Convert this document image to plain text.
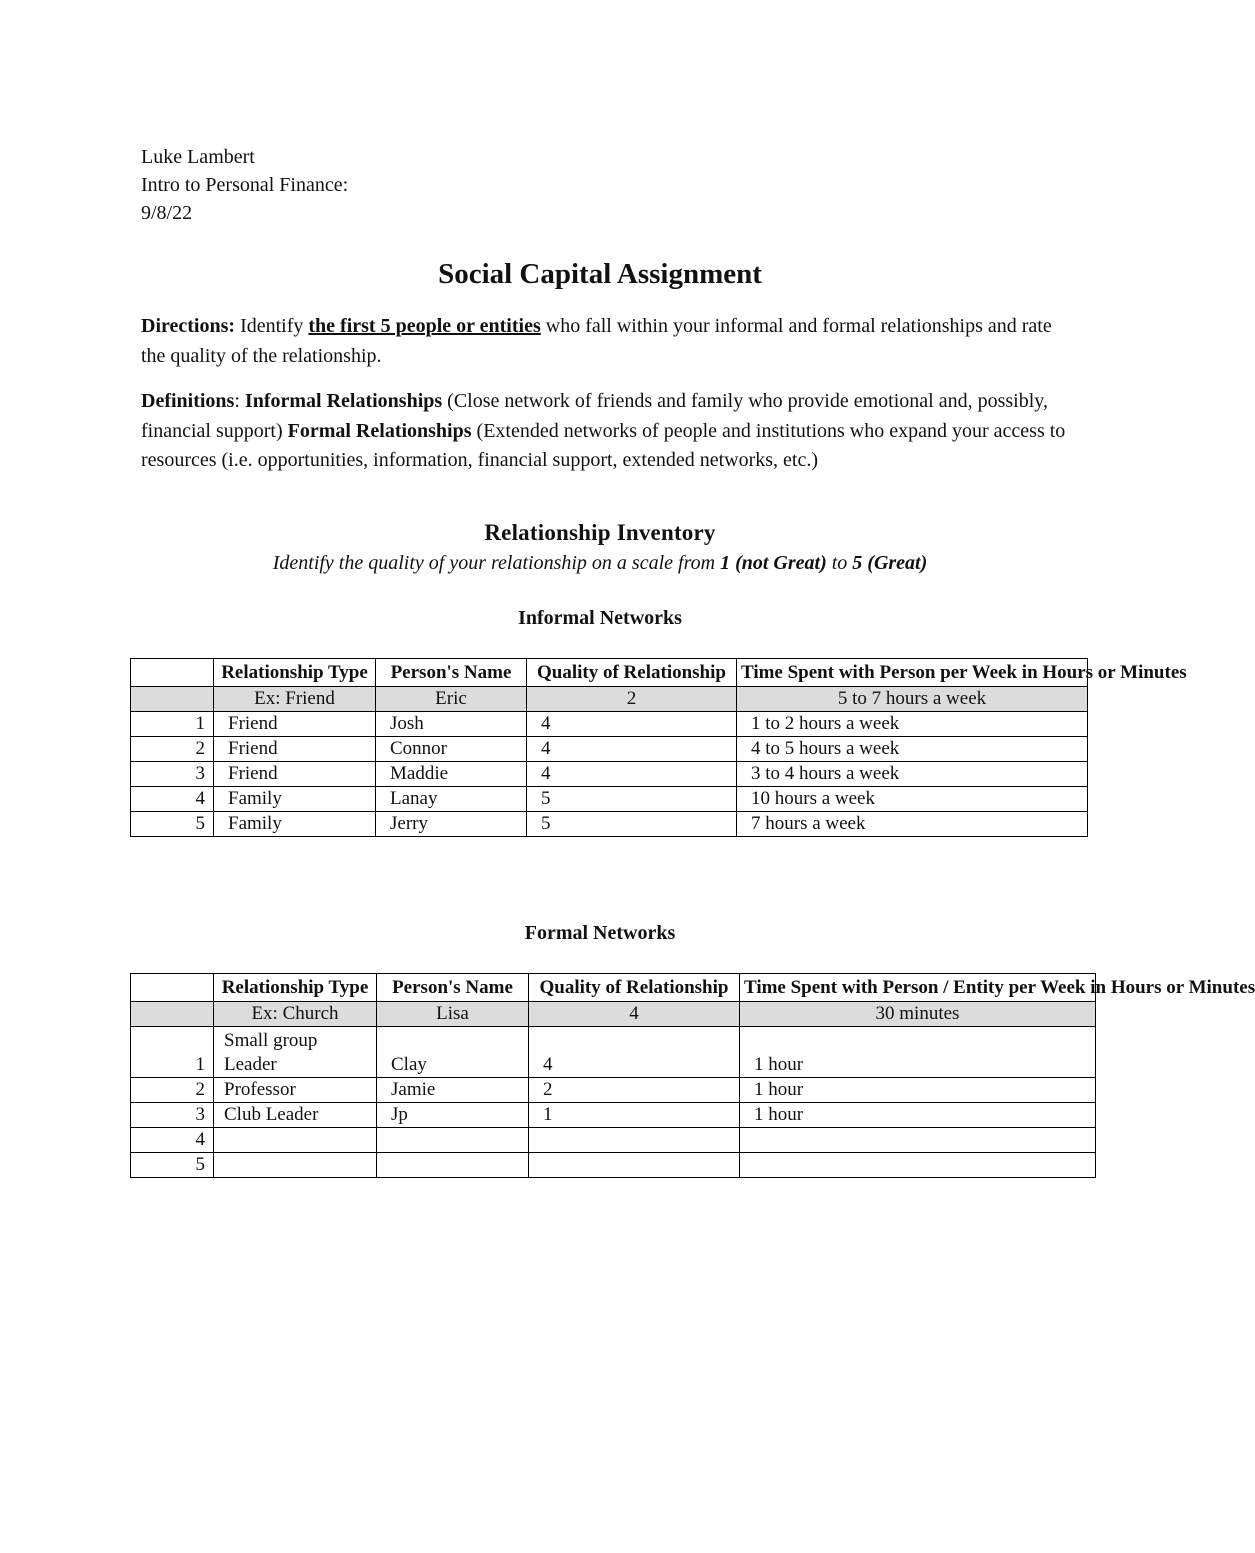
Luke Lambert
Intro to Personal Finance:
9/8/22
Social Capital Assignment
Directions: Identify the first 5 people or entities who fall within your informal and formal relationships and rate the quality of the relationship.
Definitions: Informal Relationships (Close network of friends and family who provide emotional and, possibly, financial support) Formal Relationships (Extended networks of people and institutions who expand your access to resources (i.e. opportunities, information, financial support, extended networks, etc.)
Relationship Inventory
Identify the quality of your relationship on a scale from 1 (not Great) to 5 (Great)
Informal Networks
	Relationship Type	Person's Name	Quality of Relationship	Time Spent with Person per Week in Hours or Minutes
	Ex: Friend	Eric	2	5 to 7 hours a week
1	Friend	Josh	4	1 to 2 hours a week
2	Friend	Connor	4	4 to 5 hours a week
3	Friend	Maddie	4	3 to 4 hours a week
4	Family	Lanay	5	10 hours a week
5	Family	Jerry	5	7 hours a week
Formal Networks
	Relationship Type	Person's Name	Quality of Relationship	Time Spent with Person / Entity per Week in Hours or Minutes
	Ex: Church	Lisa	4	30 minutes
1	Small group Leader	Clay	4	1 hour
2	Professor	Jamie	2	1 hour
3	Club Leader	Jp	1	1 hour
4				
5				
